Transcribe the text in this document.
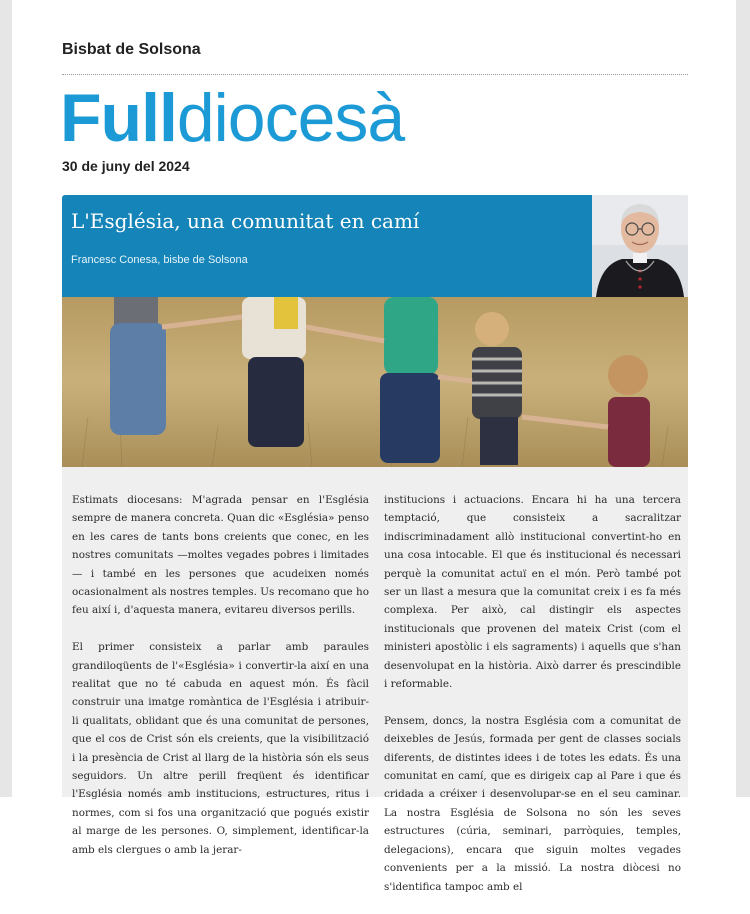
Bisbat de Solsona
Fulldiocesà
30 de juny del 2024
L'Església, una comunitat en camí
Francesc Conesa, bisbe de Solsona

Estimats diocesans: M'agrada pensar en l'Església sempre de manera concreta. Quan dic «Església» penso en les cares de tants bons creients que conec, en les nostres comunitats —moltes vegades pobres i limitades— i també en les persones que acudeixen només ocasionalment als nostres temples. Us recomano que ho feu així i, d'aquesta manera, evitareu diversos perills.

El primer consisteix a parlar amb paraules grandiloqüents de l'«Església» i convertir-la així en una realitat que no té cabuda en aquest món. És fàcil construir una imatge romàntica de l'Església i atribuir-li qualitats, oblidant que és una comunitat de persones, que el cos de Crist són els creients, que la visibilització i la presència de Crist al llarg de la història són els seus seguidors. Un altre perill freqüent és identificar l'Església només amb institucions, estructures, ritus i normes, com si fos una organització que pogués existir al marge de les persones. O, simplement, identificar-la amb els clergues o amb la jerar-

institucions i actuacions. Encara hi ha una tercera temptació, que consisteix a sacralitzar indiscriminadament allò institucional convertint-ho en una cosa intocable. El que és institucional és necessari perquè la comunitat actuï en el món. Però també pot ser un llast a mesura que la comunitat creix i es fa més complexa. Per això, cal distingir els aspectes institucionals que provenen del mateix Crist (com el ministeri apostòlic i els sagraments) i aquells que s'han desenvolupat en la història. Això darrer és prescindible i reformable.

Pensem, doncs, la nostra Església com a comunitat de deixebles de Jesús, formada per gent de classes socials diferents, de distintes idees i de totes les edats. És una comunitat en camí, que es dirigeix cap al Pare i que és cridada a créixer i desenvolupar-se en el seu caminar. La nostra Església de Solsona no són les seves estructures (cúria, seminari, parròquies, temples, delegacions), encara que siguin moltes vegades convenients per a la missió. La nostra diòcesi no s'identifica tampoc amb el
